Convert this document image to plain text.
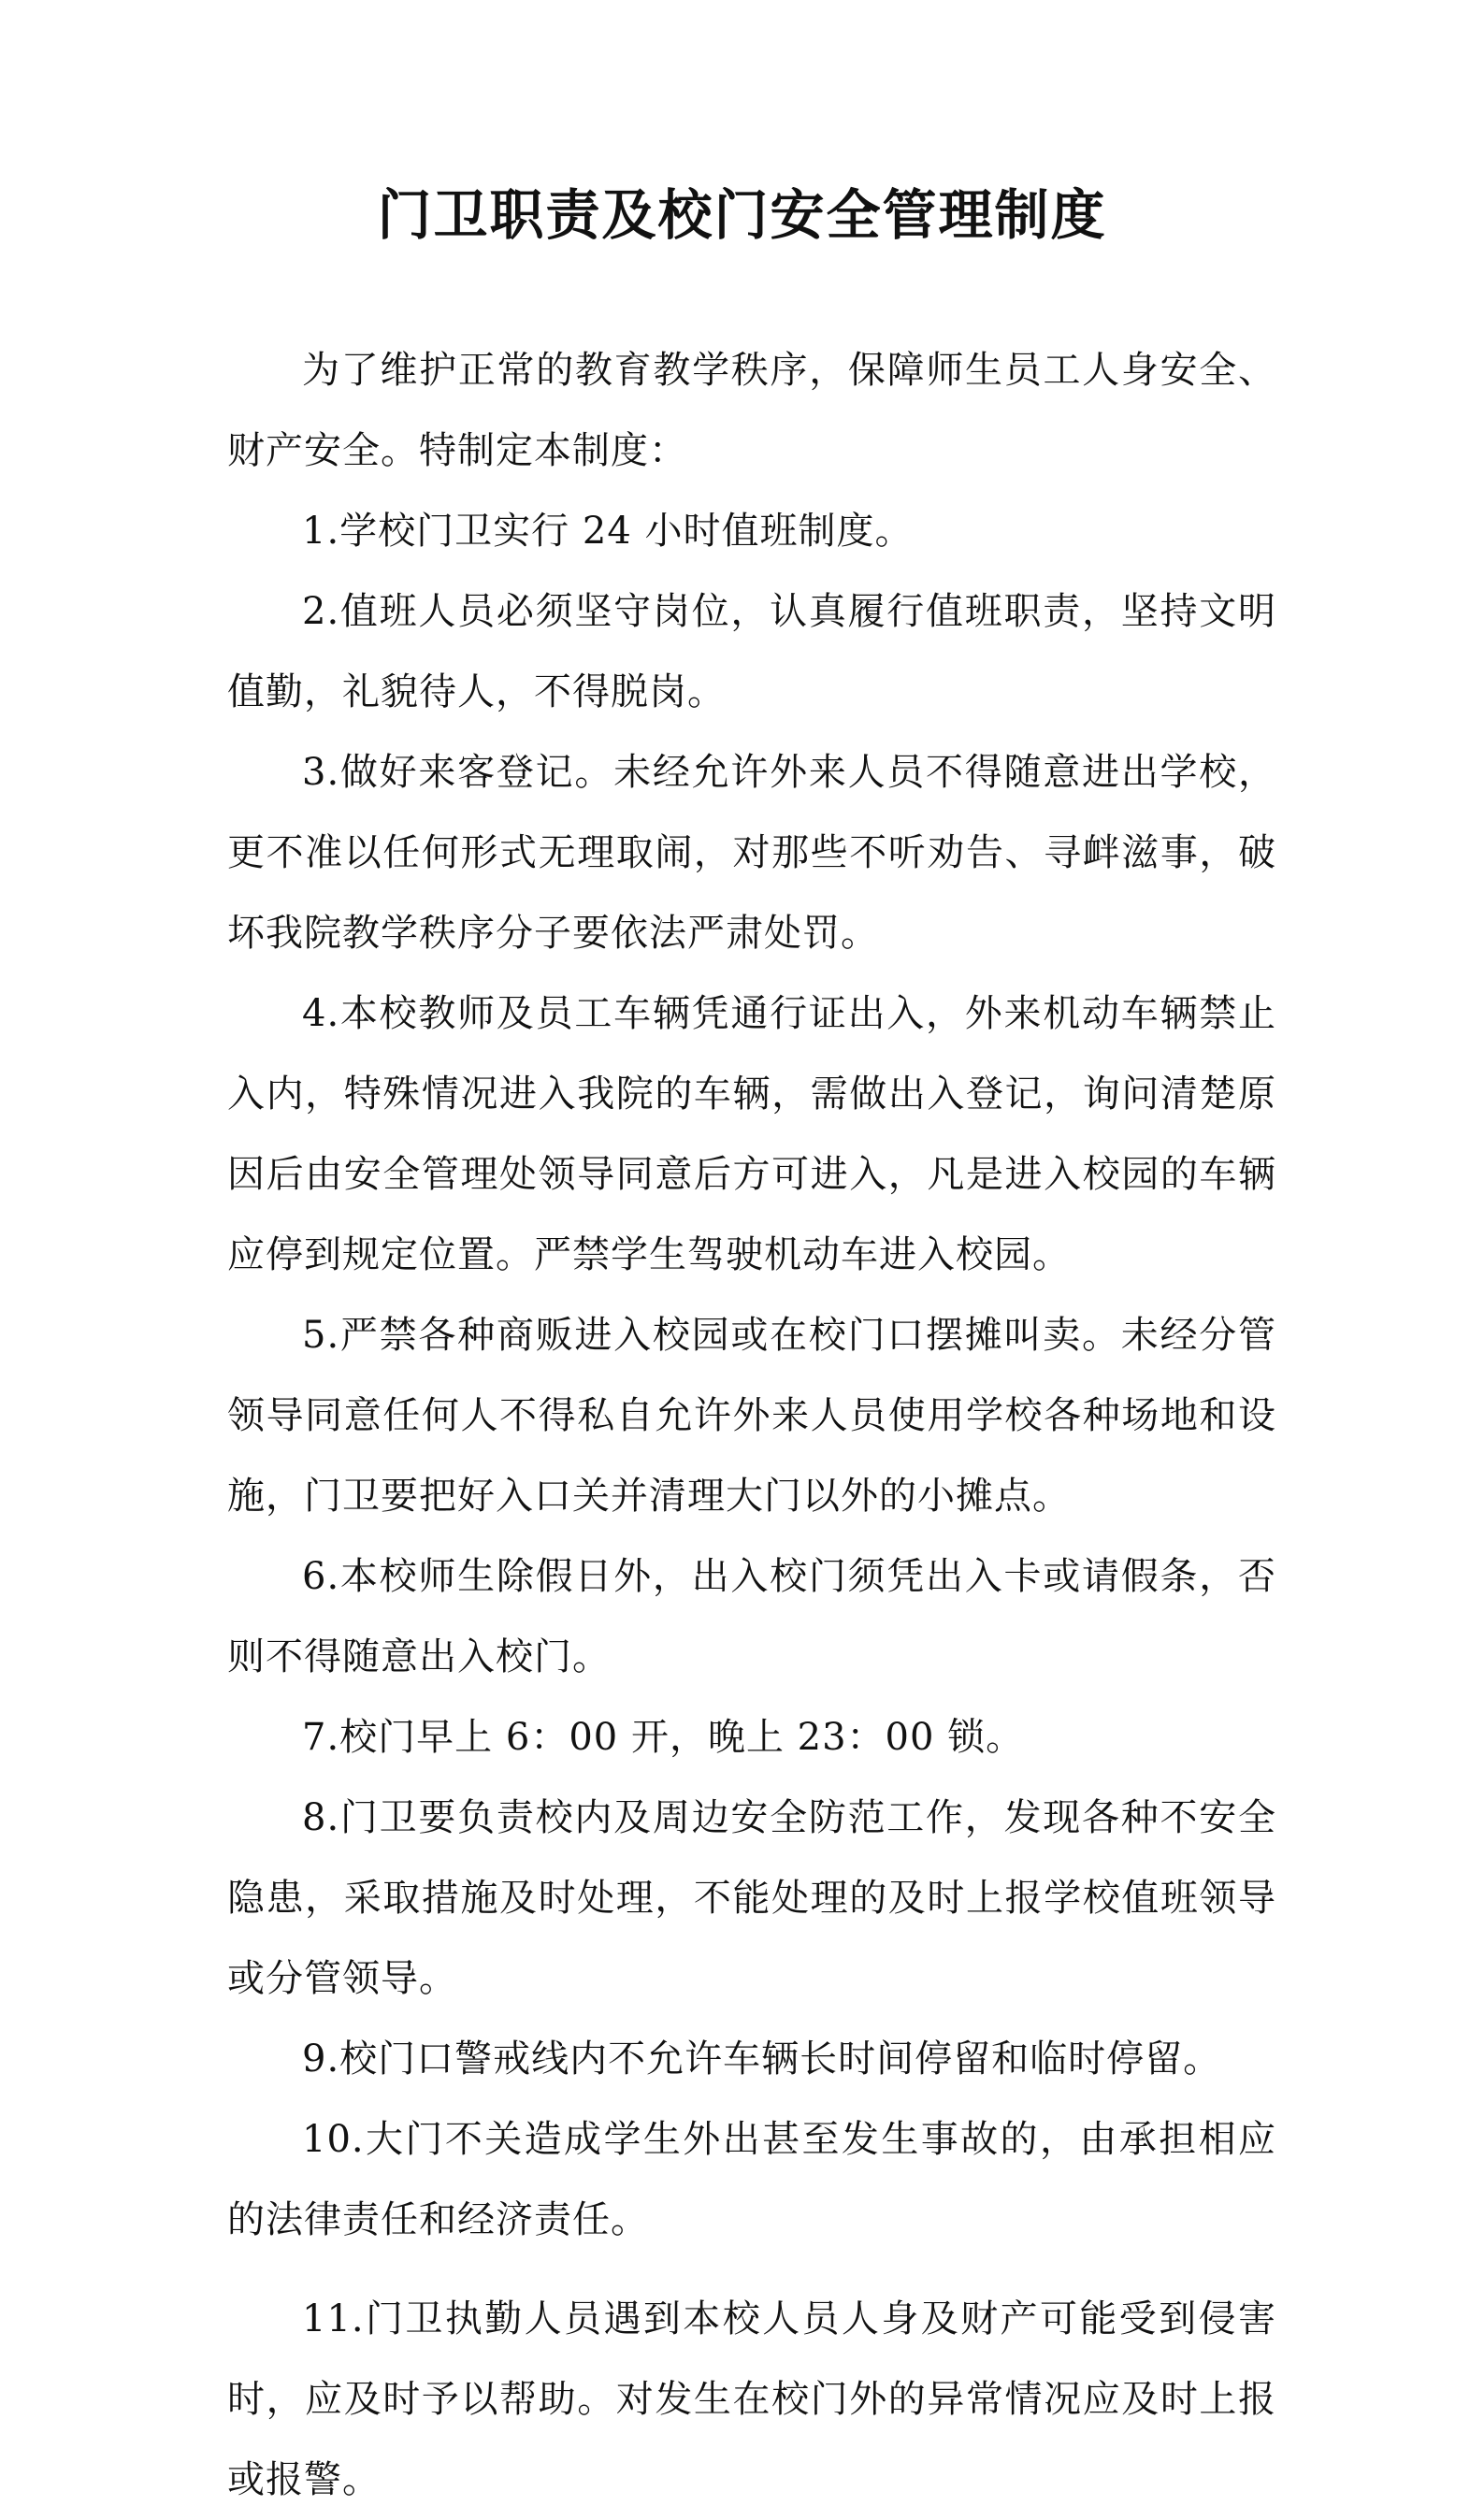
门卫职责及校门安全管理制度

为了维护正常的教育教学秩序，保障师生员工人身安全、财产安全。特制定本制度：

1.学校门卫实行 24 小时值班制度。

2.值班人员必须坚守岗位，认真履行值班职责，坚持文明值勤，礼貌待人，不得脱岗。

3.做好来客登记。未经允许外来人员不得随意进出学校，更不准以任何形式无理取闹，对那些不听劝告、寻衅滋事，破坏我院教学秩序分子要依法严肃处罚。

4.本校教师及员工车辆凭通行证出入，外来机动车辆禁止入内，特殊情况进入我院的车辆，需做出入登记，询问清楚原因后由安全管理处领导同意后方可进入，凡是进入校园的车辆应停到规定位置。严禁学生驾驶机动车进入校园。

5.严禁各种商贩进入校园或在校门口摆摊叫卖。未经分管领导同意任何人不得私自允许外来人员使用学校各种场地和设施，门卫要把好入口关并清理大门以外的小摊点。

6.本校师生除假日外，出入校门须凭出入卡或请假条，否则不得随意出入校门。

7.校门早上 6：00 开，晚上 23：00 锁。

8.门卫要负责校内及周边安全防范工作，发现各种不安全隐患，采取措施及时处理，不能处理的及时上报学校值班领导或分管领导。

9.校门口警戒线内不允许车辆长时间停留和临时停留。

10.大门不关造成学生外出甚至发生事故的，由承担相应的法律责任和经济责任。

11.门卫执勤人员遇到本校人员人身及财产可能受到侵害时，应及时予以帮助。对发生在校门外的异常情况应及时上报或报警。
